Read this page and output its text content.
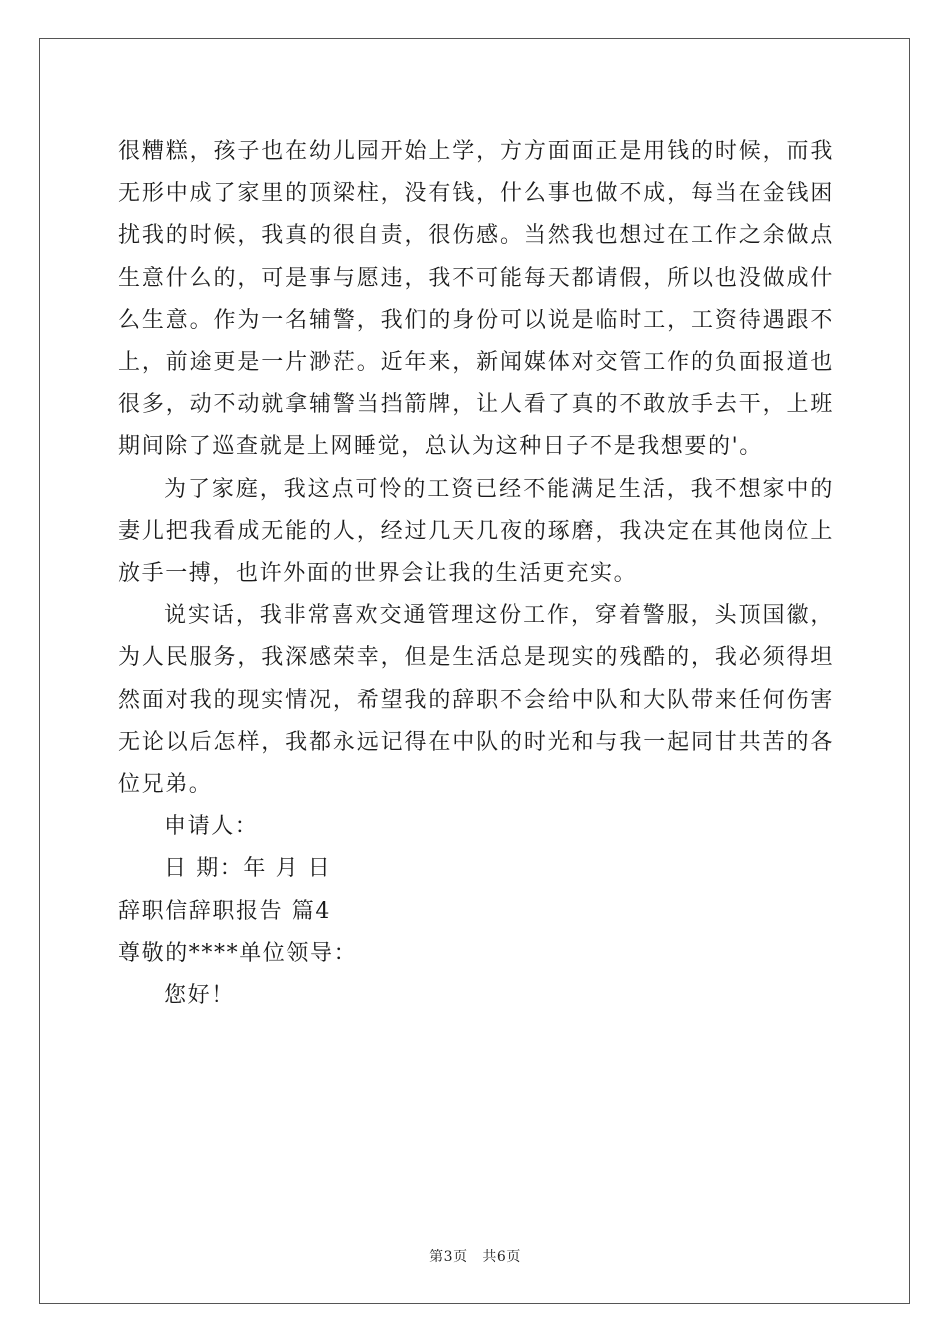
很糟糕，孩子也在幼儿园开始上学，方方面面正是用钱的时候，而我无形中成了家里的顶梁柱，没有钱，什么事也做不成，每当在金钱困扰我的时候，我真的很自责，很伤感。当然我也想过在工作之余做点生意什么的，可是事与愿违，我不可能每天都请假，所以也没做成什么生意。作为一名辅警，我们的身份可以说是临时工，工资待遇跟不上，前途更是一片渺茫。近年来，新闻媒体对交管工作的负面报道也很多，动不动就拿辅警当挡箭牌，让人看了真的不敢放手去干，上班期间除了巡查就是上网睡觉，总认为这种日子不是我想要的'。

为了家庭，我这点可怜的工资已经不能满足生活，我不想家中的妻儿把我看成无能的人，经过几天几夜的琢磨，我决定在其他岗位上放手一搏，也许外面的世界会让我的生活更充实。

说实话，我非常喜欢交通管理这份工作，穿着警服，头顶国徽，为人民服务，我深感荣幸，但是生活总是现实的残酷的，我必须得坦然面对我的现实情况，希望我的辞职不会给中队和大队带来任何伤害无论以后怎样，我都永远记得在中队的时光和与我一起同甘共苦的各位兄弟。

申请人：
日 期：年 月 日
辞职信辞职报告 篇4
尊敬的****单位领导：
您好！
第3页   共6页
